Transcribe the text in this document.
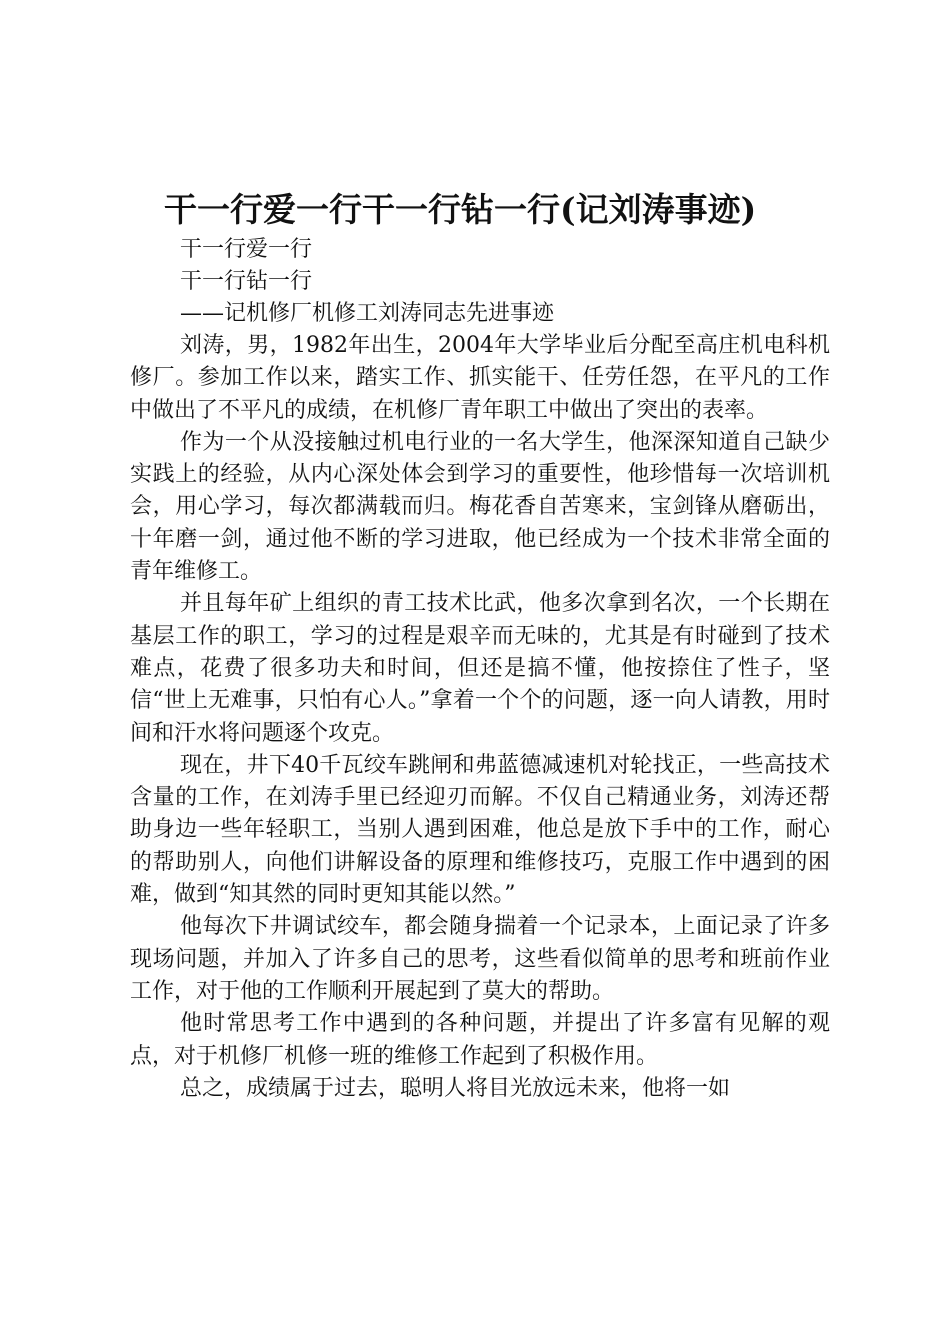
干一行爱一行干一行钻一行(记刘涛事迹)

干一行爱一行

干一行钻一行

——记机修厂机修工刘涛同志先进事迹

刘涛，男，1982年出生，2004年大学毕业后分配至高庄机电科机修厂。参加工作以来，踏实工作、抓实能干、任劳任怨，在平凡的工作中做出了不平凡的成绩，在机修厂青年职工中做出了突出的表率。

作为一个从没接触过机电行业的一名大学生，他深深知道自己缺少实践上的经验，从内心深处体会到学习的重要性，他珍惜每一次培训机会，用心学习，每次都满载而归。梅花香自苦寒来，宝剑锋从磨砺出，十年磨一剑，通过他不断的学习进取，他已经成为一个技术非常全面的青年维修工。

并且每年矿上组织的青工技术比武，他多次拿到名次，一个长期在基层工作的职工，学习的过程是艰辛而无味的，尤其是有时碰到了技术难点，花费了很多功夫和时间，但还是搞不懂，他按捺住了性子，坚信“世上无难事，只怕有心人。”拿着一个个的问题，逐一向人请教，用时间和汗水将问题逐个攻克。

现在，井下40千瓦绞车跳闸和弗蓝德减速机对轮找正，一些高技术含量的工作，在刘涛手里已经迎刃而解。不仅自己精通业务，刘涛还帮助身边一些年轻职工，当别人遇到困难，他总是放下手中的工作，耐心的帮助别人，向他们讲解设备的原理和维修技巧，克服工作中遇到的困难，做到“知其然的同时更知其能以然。”

他每次下井调试绞车，都会随身揣着一个记录本，上面记录了许多现场问题，并加入了许多自己的思考，这些看似简单的思考和班前作业工作，对于他的工作顺利开展起到了莫大的帮助。

他时常思考工作中遇到的各种问题，并提出了许多富有见解的观点，对于机修厂机修一班的维修工作起到了积极作用。

总之，成绩属于过去，聪明人将目光放远未来，他将一如
